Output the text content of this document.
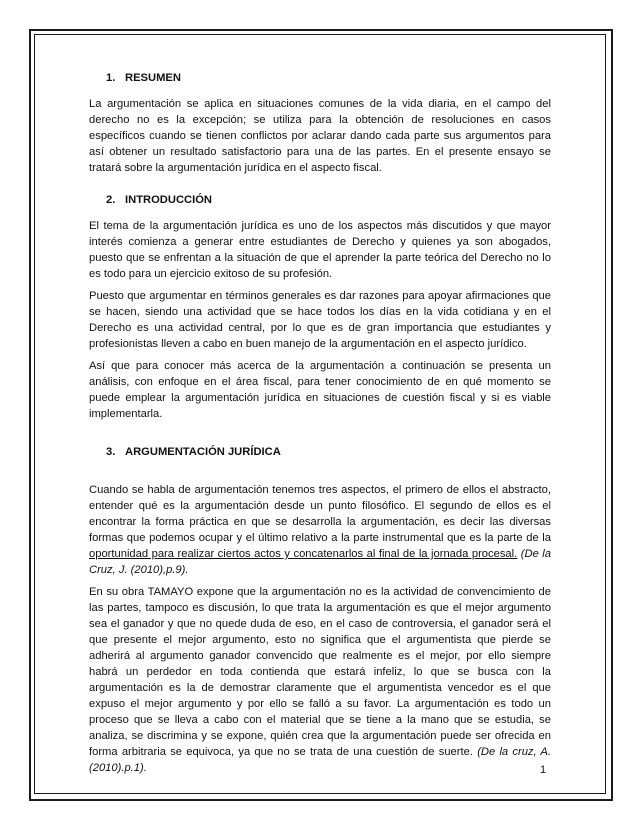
1. RESUMEN

La argumentación se aplica en situaciones comunes de la vida diaria, en el campo del derecho no es la excepción; se utiliza para la obtención de resoluciones en casos específicos cuando se tienen conflictos por aclarar dando cada parte sus argumentos para así obtener un resultado satisfactorio para una de las partes. En el presente ensayo se tratará sobre la argumentación jurídica en el aspecto fiscal.

2. INTRODUCCIÓN

El tema de la argumentación jurídica es uno de los aspectos más discutidos y que mayor interés comienza a generar entre estudiantes de Derecho y quienes ya son abogados, puesto que se enfrentan a la situación de que el aprender la parte teórica del Derecho no lo es todo para un ejercicio exitoso de su profesión.

Puesto que argumentar en términos generales es dar razones para apoyar afirmaciones que se hacen, siendo una actividad que se hace todos los días en la vida cotidiana y en el Derecho es una actividad central, por lo que es de gran importancia que estudiantes y profesionistas lleven a cabo en buen manejo de la argumentación en el aspecto jurídico.

Así que para conocer más acerca de la argumentación a continuación se presenta un análisis, con enfoque en el área fiscal, para tener conocimiento de en qué momento se puede emplear la argumentación jurídica en situaciones de cuestión fiscal y si es viable implementarla.

3. ARGUMENTACIÓN JURÍDICA

Cuando se habla de argumentación tenemos tres aspectos, el primero de ellos el abstracto, entender qué es la argumentación desde un punto filosófico. El segundo de ellos es el encontrar la forma práctica en que se desarrolla la argumentación, es decir las diversas formas que podemos ocupar y el último relativo a la parte instrumental que es la parte de la oportunidad para realizar ciertos actos y concatenarlos al final de la jornada procesal. (De la Cruz, J. (2010),p.9).

En su obra TAMAYO expone que la argumentación no es la actividad de convencimiento de las partes, tampoco es discusión, lo que trata la argumentación es que el mejor argumento sea el ganador y que no quede duda de eso, en el caso de controversia, el ganador será el que presente el mejor argumento, esto no significa que el argumentista que pierde se adherirá al argumento ganador convencido que realmente es el mejor, por ello siempre habrá un perdedor en toda contienda que estará infeliz, lo que se busca con la argumentación es la de demostrar claramente que el argumentista vencedor es el que expuso el mejor argumento y por ello se falló a su favor. La argumentación es todo un proceso que se lleva a cabo con el material que se tiene a la mano que se estudia, se analiza, se discrimina y se expone, quién crea que la argumentación puede ser ofrecida en forma arbitraria se equivoca, ya que no se trata de una cuestión de suerte. (De la cruz, A. (2010).p.1).	1
